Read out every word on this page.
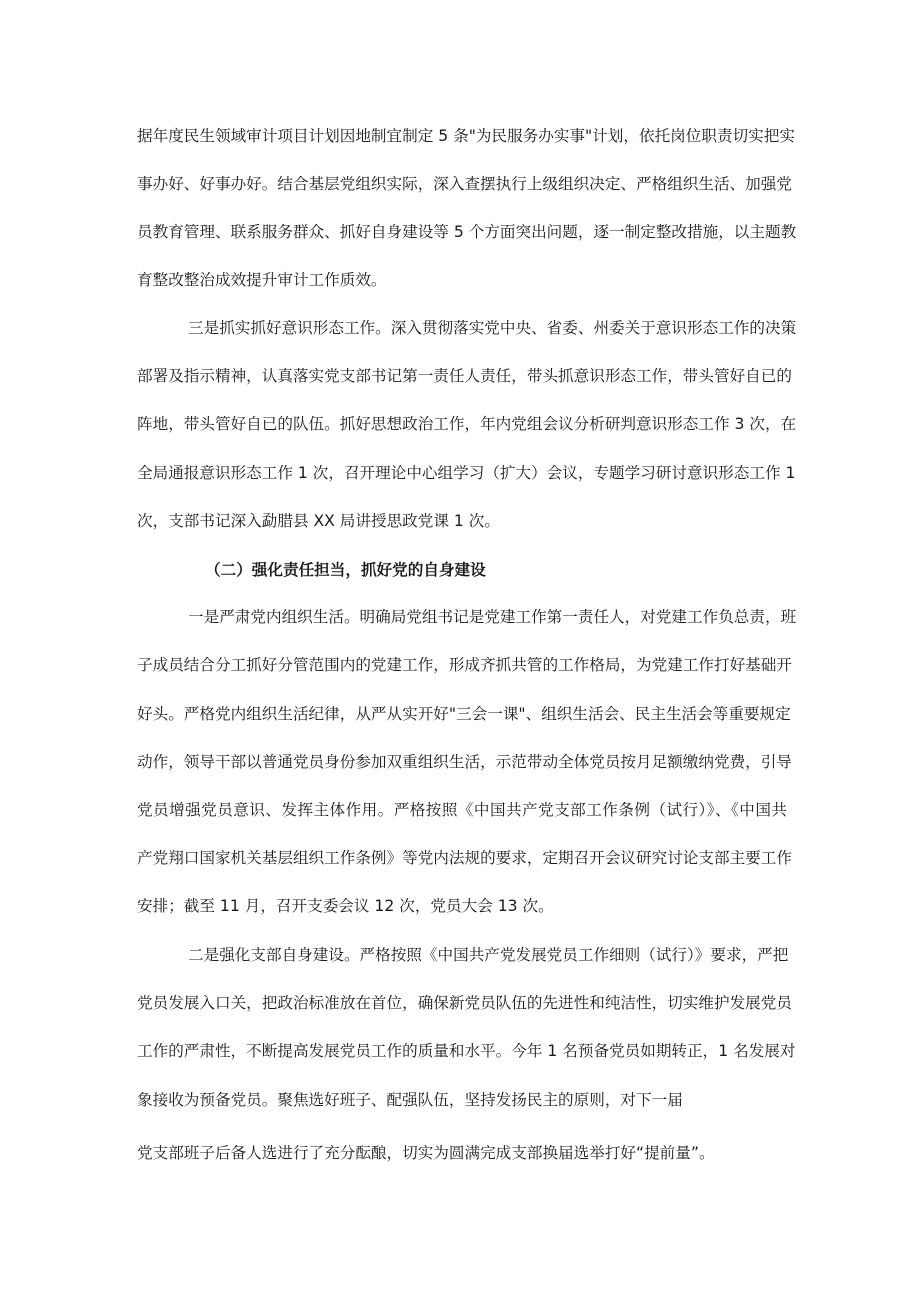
据年度民生领域审计项目计划因地制宜制定 5 条"为民服务办实事"计划，依托岗位职责切实把实
事办好、好事办好。结合基层党组织实际，深入查摆执行上级组织决定、严格组织生活、加强党
员教育管理、联系服务群众、抓好自身建设等 5 个方面突出问题，逐一制定整改措施，以主题教
育整改整治成效提升审计工作质效。
三是抓实抓好意识形态工作。深入贯彻落实党中央、省委、州委关于意识形态工作的决策
部署及指示精神，认真落实党支部书记第一责任人责任，带头抓意识形态工作，带头管好自已的
阵地，带头管好自已的队伍。抓好思想政治工作，年内党组会议分析研判意识形态工作 3 次，在
全局通报意识形态工作 1 次，召开理论中心组学习（扩大）会议，专题学习研讨意识形态工作 1
次，支部书记深入勐腊县 XX 局讲授思政党课 1 次。
（二）强化责任担当，抓好党的自身建设
一是严肃党内组织生活。明确局党组书记是党建工作第一责任人，对党建工作负总责，班
子成员结合分工抓好分管范围内的党建工作，形成齐抓共管的工作格局，为党建工作打好基础开
好头。严格党内组织生活纪律，从严从实开好"三会一课"、组织生活会、民主生活会等重要规定
动作，领导干部以普通党员身份参加双重组织生活，示范带动全体党员按月足额缴纳党费，引导
党员增强党员意识、发挥主体作用。严格按照《中国共产党支部工作条例（试行）》、《中国共
产党翔口国家机关基层组织工作条例》等党内法规的要求，定期召开会议研究讨论支部主要工作
安排；截至 11 月，召开支委会议 12 次，党员大会 13 次。
二是强化支部自身建设。严格按照《中国共产党发展党员工作细则（试行）》要求，严把
党员发展入口关，把政治标准放在首位，确保新党员队伍的先进性和纯洁性，切实维护发展党员
工作的严肃性，不断提高发展党员工作的质量和水平。今年 1 名预备党员如期转正，1 名发展对
象接收为预备党员。聚焦选好班子、配强队伍，坚持发扬民主的原则，对下一届
党支部班子后备人选进行了充分酝酿，切实为圆满完成支部换届选举打好“提前量”。
